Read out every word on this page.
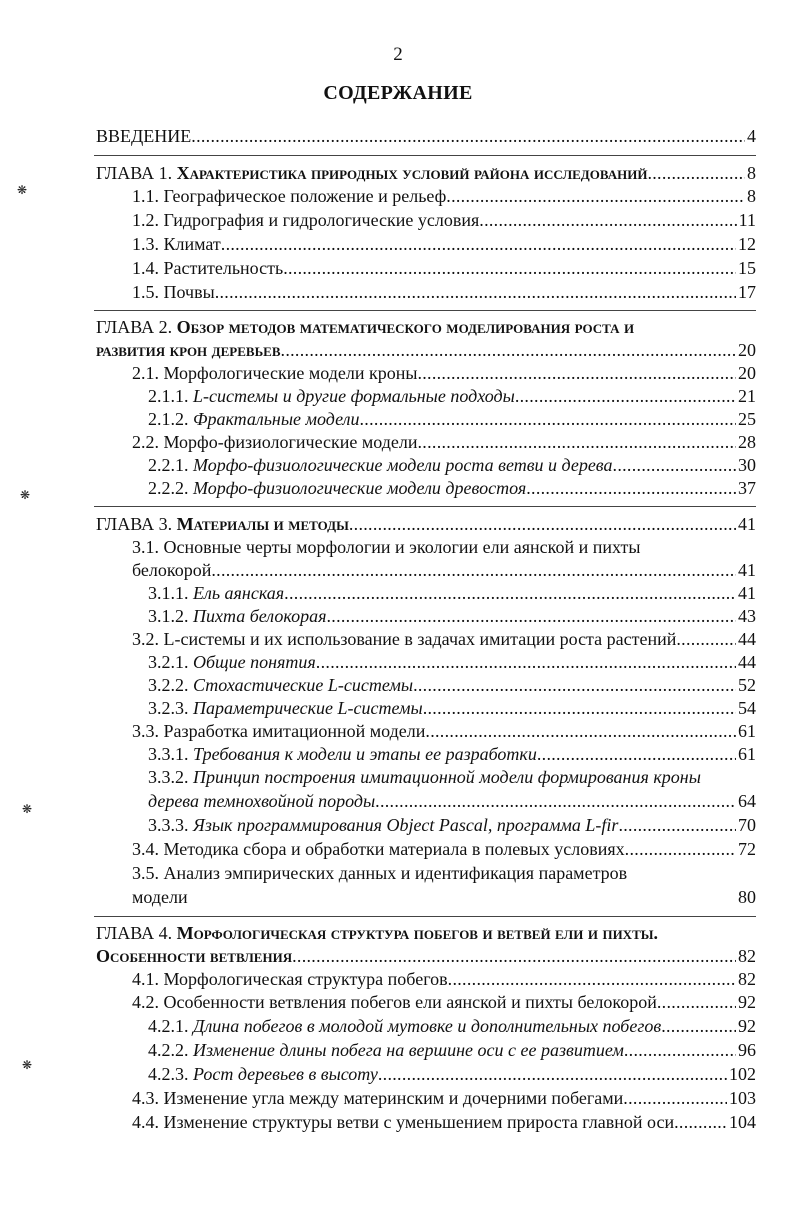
2
СОДЕРЖАНИЕ
❋
❋
❋
❋
ВВЕДЕНИЕ .....	4
ГЛАВА 1. Характеристика природных условий района исследований .....	8
1.1. Географическое положение и рельеф .....	8
1.2. Гидрография и гидрологические условия .....	11
1.3. Климат .....	12
1.4. Растительность .....	15
1.5. Почвы .....	17
ГЛАВА 2. Обзор методов математического моделирования роста и
развития крон деревьев .....	20
2.1. Морфологические модели кроны .....	20
2.1.1. L-системы и другие формальные подходы .....	21
2.1.2. Фрактальные модели .....	25
2.2. Морфо-физиологические модели .....	28
2.2.1. Морфо-физиологические модели роста ветви и дерева .....	30
2.2.2. Морфо-физиологические модели древостоя .....	37
ГЛАВА 3. Материалы и методы .....	41
3.1. Основные черты морфологии и экологии ели аянской и пихты
белокорой .....	41
3.1.1. Ель аянская .....	41
3.1.2. Пихта белокорая .....	43
3.2. L-системы и их использование в задачах имитации роста растений .....	44
3.2.1. Общие понятия .....	44
3.2.2. Стохастические L-системы .....	52
3.2.3. Параметрические L-системы .....	54
3.3. Разработка имитационной модели .....	61
3.3.1. Требования к модели и этапы ее разработки .....	61
3.3.2. Принцип построения имитационной модели формирования кроны
дерева темнохвойной породы .....	64
3.3.3. Язык программирования Object Pascal, программа L-fir .....	70
3.4. Методика сбора и обработки материала в полевых условиях .....	72
3.5. Анализ эмпирических данных и идентификация параметров
модели	80
ГЛАВА 4. Морфологическая структура побегов и ветвей ели и пихты.
Особенности ветвления .....	82
4.1. Морфологическая структура побегов .....	82
4.2. Особенности ветвления побегов ели аянской и пихты белокорой .....	92
4.2.1. Длина побегов в молодой мутовке и дополнительных побегов .....	92
4.2.2. Изменение длины побега на вершине оси с ее развитием .....	96
4.2.3. Рост деревьев в высоту .....	102
4.3. Изменение угла между материнским и дочерними побегами .....	103
4.4. Изменение структуры ветви с уменьшением прироста главной оси .....	104
